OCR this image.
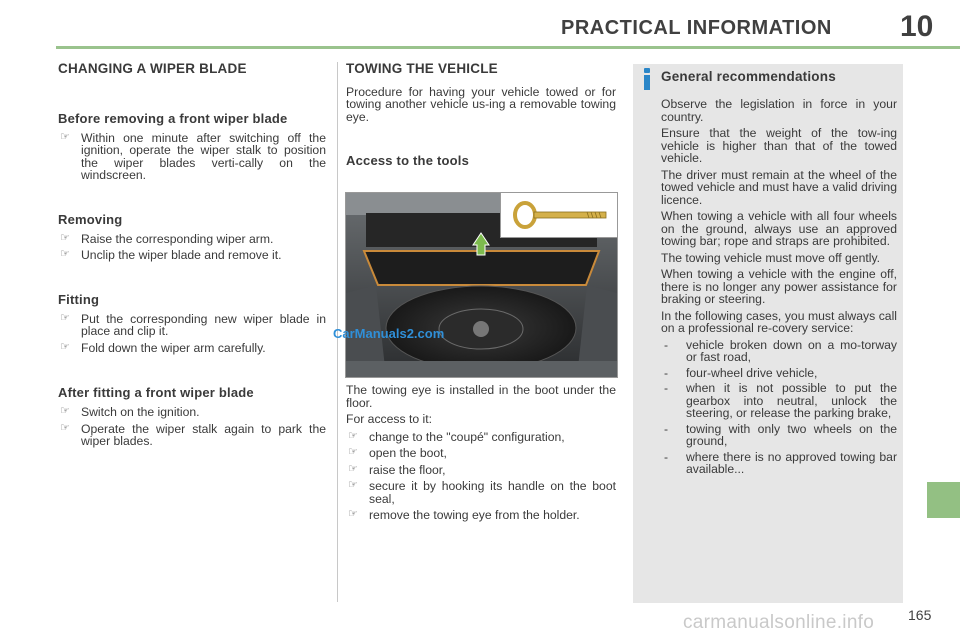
PRACTICAL INFORMATION 10
CHANGING A WIPER BLADE
Before removing a front wiper blade
☞ Within one minute after switching off the ignition, operate the wiper stalk to position the wiper blades verti-cally on the windscreen.
Removing
☞ Raise the corresponding wiper arm.
☞ Unclip the wiper blade and remove it.
Fitting
☞ Put the corresponding new wiper blade in place and clip it.
☞ Fold down the wiper arm carefully.
After fitting a front wiper blade
☞ Switch on the ignition.
☞ Operate the wiper stalk again to park the wiper blades.
TOWING THE VEHICLE

Procedure for having your vehicle towed or for towing another vehicle us-ing a removable towing eye.

Access to the tools
CarManuals2.com

The towing eye is installed in the boot under the floor.

For access to it:

☞ change to the "coupé" configuration,
☞ open the boot,
☞ raise the floor,
☞ secure it by hooking its handle on the boot seal,
☞ remove the towing eye from the holder.
General recommendations

Observe the legislation in force in your country.

Ensure that the weight of the tow-ing vehicle is higher than that of the towed vehicle.

The driver must remain at the wheel of the towed vehicle and must have a valid driving licence.

When towing a vehicle with all four wheels on the ground, always use an approved towing bar; rope and straps are prohibited.

The towing vehicle must move off gently.

When towing a vehicle with the engine off, there is no longer any power assistance for braking or steering.

In the following cases, you must always call on a professional re-covery service:

- vehicle broken down on a mo-torway or fast road,
- four-wheel drive vehicle,
- when it is not possible to put the gearbox into neutral, unlock the steering, or release the parking brake,
- towing with only two wheels on the ground,
- where there is no approved towing bar available...
165
carmanualsonline.info
